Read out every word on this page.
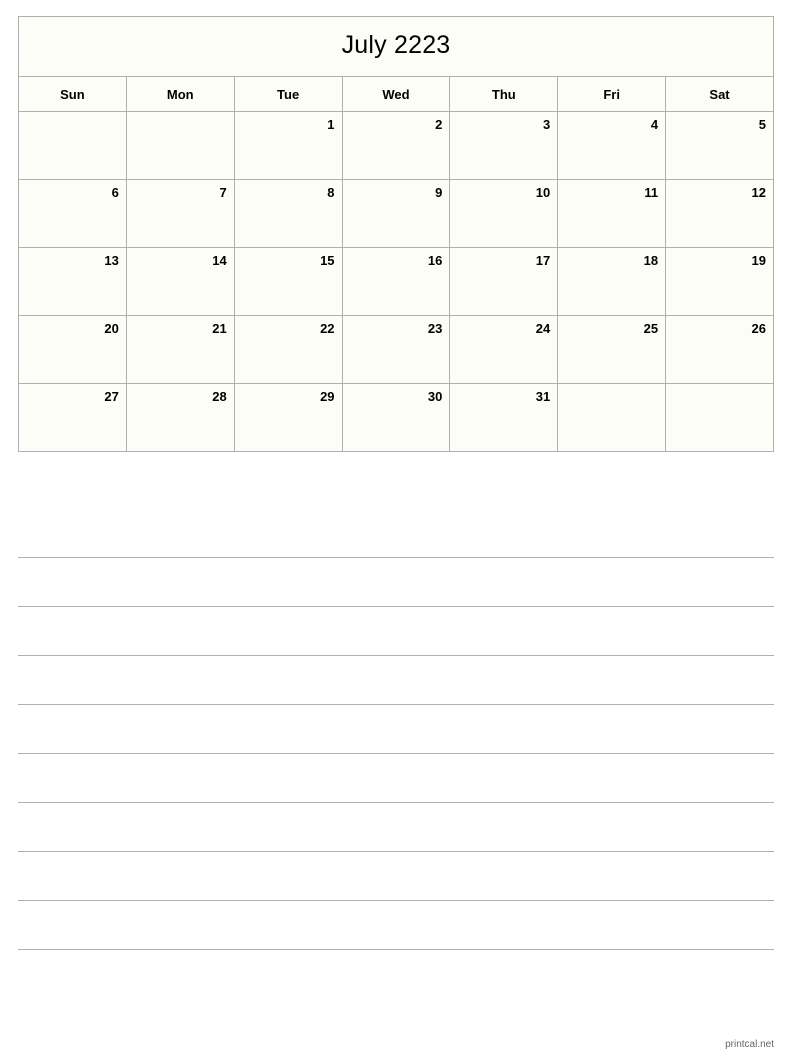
July 2223						
Sun	Mon	Tue	Wed	Thu	Fri	Sat
		1	2	3	4	5
6	7	8	9	10	11	12
13	14	15	16	17	18	19
20	21	22	23	24	25	26
27	28	29	30	31		
printcal.net
